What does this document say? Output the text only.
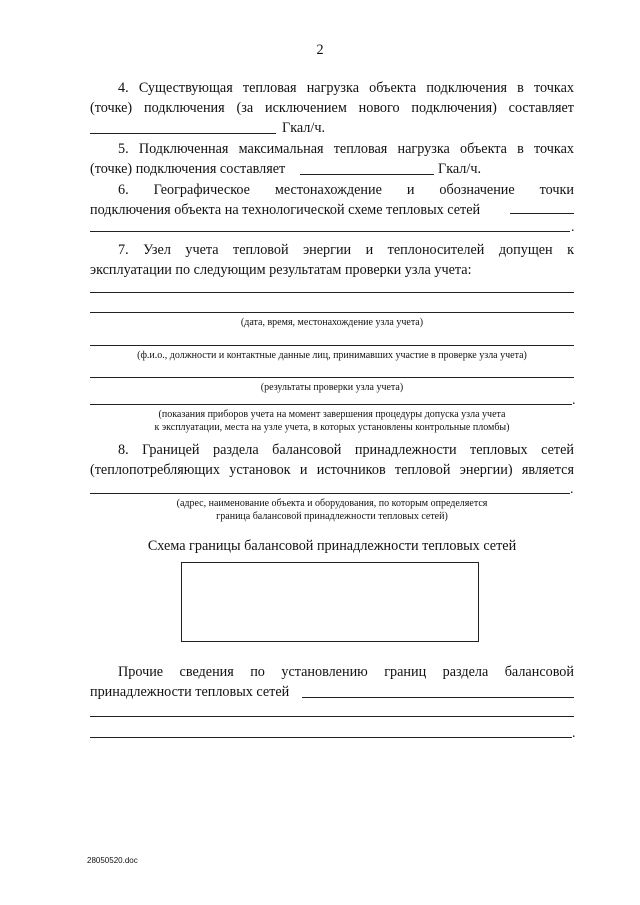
2
4. Существующая тепловая нагрузка объекта подключения в точках
(точке) подключения (за исключением нового подключения) составляет
Гкал/ч.
5. Подключенная максимальная тепловая нагрузка объекта в точках
(точке) подключения составляет	Гкал/ч.
6. Географическое местонахождение и обозначение точки
подключения объекта на технологической схеме тепловых сетей
.
7. Узел учета тепловой энергии и теплоносителей допущен к
эксплуатации по следующим результатам проверки узла учета:
(дата, время, местонахождение узла учета)
(ф.и.о., должности и контактные данные лиц, принимавших участие в проверке узла учета)
(результаты проверки узла учета)
.
(показания приборов учета на момент завершения процедуры допуска узла учета
к эксплуатации, места на узле учета, в которых установлены контрольные пломбы)
8. Границей раздела балансовой принадлежности тепловых сетей
(теплопотребляющих установок и источников тепловой энергии) является
.
(адрес, наименование объекта и оборудования, по которым определяется
граница балансовой принадлежности тепловых сетей)
Схема границы балансовой принадлежности тепловых сетей
Прочие сведения по установлению границ раздела балансовой
принадлежности тепловых сетей
.
28050520.doc
